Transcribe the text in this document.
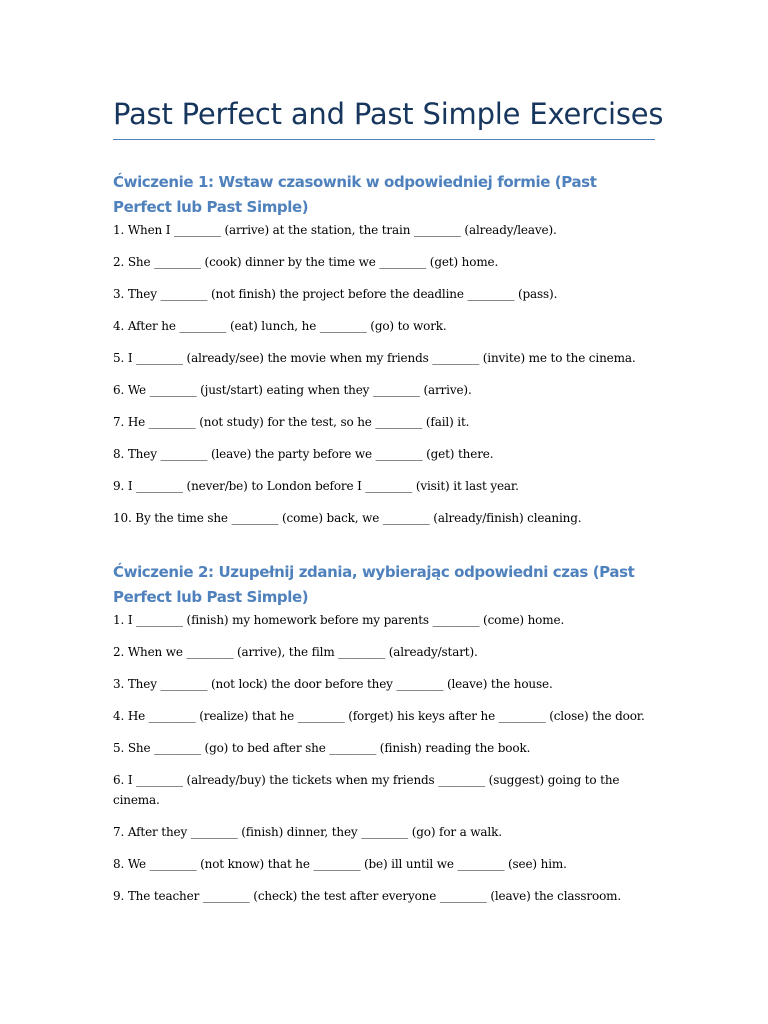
Past Perfect and Past Simple Exercises
Ćwiczenie 1: Wstaw czasownik w odpowiedniej formie (Past Perfect lub Past Simple)
1. When I ________ (arrive) at the station, the train ________ (already/leave).
2. She ________ (cook) dinner by the time we ________ (get) home.
3. They ________ (not finish) the project before the deadline ________ (pass).
4. After he ________ (eat) lunch, he ________ (go) to work.
5. I ________ (already/see) the movie when my friends ________ (invite) me to the cinema.
6. We ________ (just/start) eating when they ________ (arrive).
7. He ________ (not study) for the test, so he ________ (fail) it.
8. They ________ (leave) the party before we ________ (get) there.
9. I ________ (never/be) to London before I ________ (visit) it last year.
10. By the time she ________ (come) back, we ________ (already/finish) cleaning.
Ćwiczenie 2: Uzupełnij zdania, wybierając odpowiedni czas (Past Perfect lub Past Simple)
1. I ________ (finish) my homework before my parents ________ (come) home.
2. When we ________ (arrive), the film ________ (already/start).
3. They ________ (not lock) the door before they ________ (leave) the house.
4. He ________ (realize) that he ________ (forget) his keys after he ________ (close) the door.
5. She ________ (go) to bed after she ________ (finish) reading the book.
6. I ________ (already/buy) the tickets when my friends ________ (suggest) going to the cinema.
7. After they ________ (finish) dinner, they ________ (go) for a walk.
8. We ________ (not know) that he ________ (be) ill until we ________ (see) him.
9. The teacher ________ (check) the test after everyone ________ (leave) the classroom.
